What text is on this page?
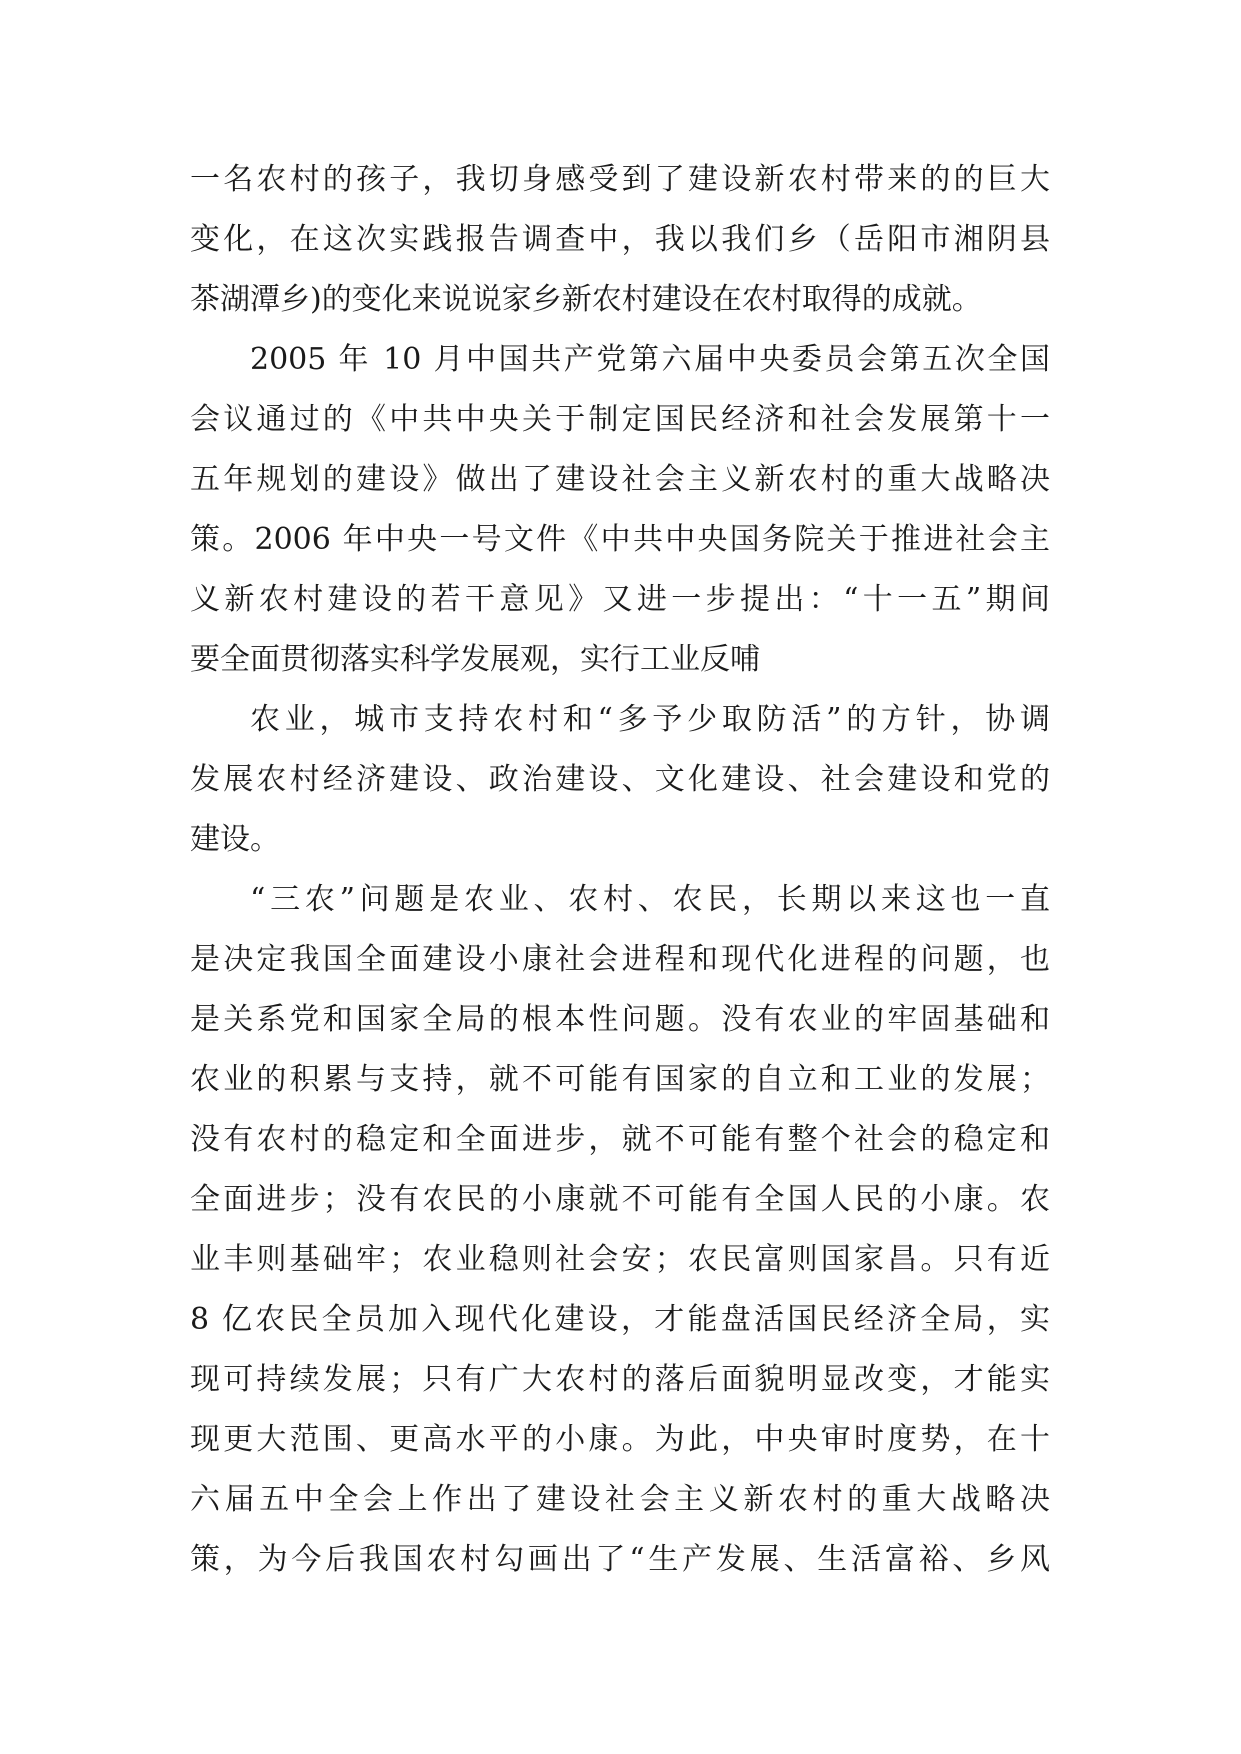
一名农村的孩子，我切身感受到了建设新农村带来的的巨大
变化，在这次实践报告调查中，我以我们乡（岳阳市湘阴县
茶湖潭乡)的变化来说说家乡新农村建设在农村取得的成就。
2005 年 10 月中国共产党第六届中央委员会第五次全国
会议通过的《中共中央关于制定国民经济和社会发展第十一
五年规划的建设》做出了建设社会主义新农村的重大战略决
策。2006 年中央一号文件《中共中央国务院关于推进社会主
义新农村建设的若干意见》又进一步提出：“十一五”期间
要全面贯彻落实科学发展观，实行工业反哺
农业，城市支持农村和“多予少取防活”的方针，协调
发展农村经济建设、政治建设、文化建设、社会建设和党的
建设。
“三农”问题是农业、农村、农民，长期以来这也一直
是决定我国全面建设小康社会进程和现代化进程的问题，也
是关系党和国家全局的根本性问题。没有农业的牢固基础和
农业的积累与支持，就不可能有国家的自立和工业的发展；
没有农村的稳定和全面进步，就不可能有整个社会的稳定和
全面进步；没有农民的小康就不可能有全国人民的小康。农
业丰则基础牢；农业稳则社会安；农民富则国家昌。只有近
8 亿农民全员加入现代化建设，才能盘活国民经济全局，实
现可持续发展；只有广大农村的落后面貌明显改变，才能实
现更大范围、更高水平的小康。为此，中央审时度势，在十
六届五中全会上作出了建设社会主义新农村的重大战略决
策，为今后我国农村勾画出了“生产发展、生活富裕、乡风
